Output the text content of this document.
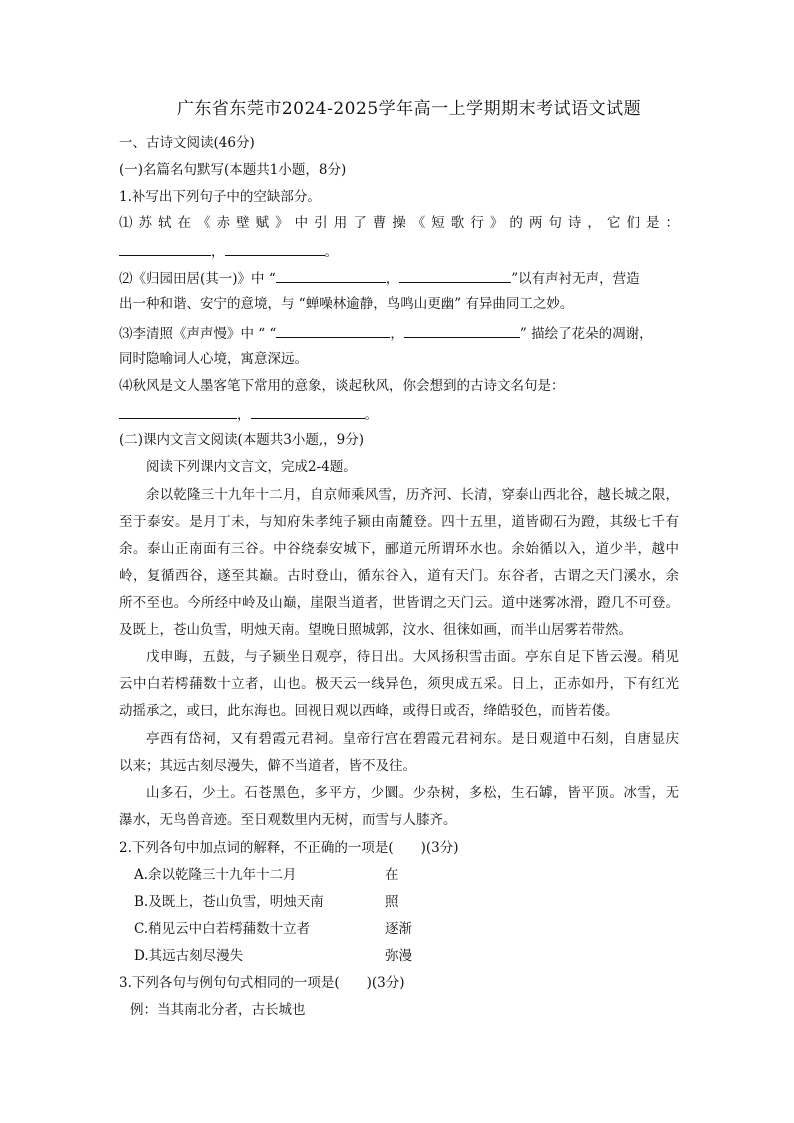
广东省东莞市2024-2025学年高一上学期期末考试语文试题
一、古诗文阅读(46分)
(一)名篇名句默写(本题共1小题，8分)
1.补写出下列句子中的空缺部分。
⑴ 苏 轼 在 《 赤 壁 赋 》 中 引 用 了 曹 操 《 短 歌 行 》 的 两 句 诗 ， 它 们 是 ：
，	。
⑵《归园田居(其一)》中 “	，	”以有声衬无声，营造
出一种和谐、安宁的意境，与 “蝉噪林逾静，鸟鸣山更幽” 有异曲同工之妙。
⑶李清照《声声慢》中 “ “	，	” 描绘了花朵的凋谢，
同时隐喻词人心境，寓意深远。
⑷秋风是文人墨客笔下常用的意象，谈起秋风，你会想到的古诗文名句是：
，	。
(二)课内文言文阅读(本题共3小题,，9分)
阅读下列课内文言文，完成2-4题。
余以乾隆三十九年十二月，自京师乘风雪，历齐河、长清，穿泰山西北谷，越长城之限，
至于泰安。是月丁未，与知府朱孝纯子颍由南麓登。四十五里，道皆砌石为蹬，其级七千有
余。泰山正南面有三谷。中谷绕泰安城下，郦道元所谓环水也。余始循以入，道少半，越中
岭，复循西谷，遂至其巅。古时登山，循东谷入，道有天门。东谷者，古谓之天门溪水，余
所不至也。今所经中岭及山巅，崖限当道者，世皆谓之天门云。道中迷雾冰滑，蹬几不可登。
及既上，苍山负雪，明烛天南。望晚日照城郭，汶水、徂徕如画，而半山居雾若带然。
戊申晦，五鼓，与子颍坐日观亭，待日出。大风扬积雪击面。亭东自足下皆云漫。稍见
云中白若樗蒱数十立者，山也。极天云一线异色，须臾成五采。日上，正赤如丹，下有红光
动摇承之，或曰，此东海也。回视日观以西峰，或得日或否，绛皓驳色，而皆若偻。
亭西有岱祠，又有碧霞元君祠。皇帝行宫在碧霞元君祠东。是日观道中石刻，自唐显庆
以来；其远古刻尽漫失，僻不当道者，皆不及往。
山多石，少土。石苍黑色，多平方，少圜。少杂树，多松，生石罅，皆平顶。冰雪，无
瀑水，无鸟兽音迹。至日观数里内无树，而雪与人膝齐。
2.下列各句中加点词的解释，不正确的一项是(　　)(3分)
A.余以乾隆三十九年十二月	在
B.及既上，苍山负雪，明烛天南	照
C.稍见云中白若樗蒱数十立者	逐渐
D.其远古刻尽漫失	弥漫
3.下列各句与例句句式相同的一项是(　　)(3分)
例：当其南北分者，古长城也
